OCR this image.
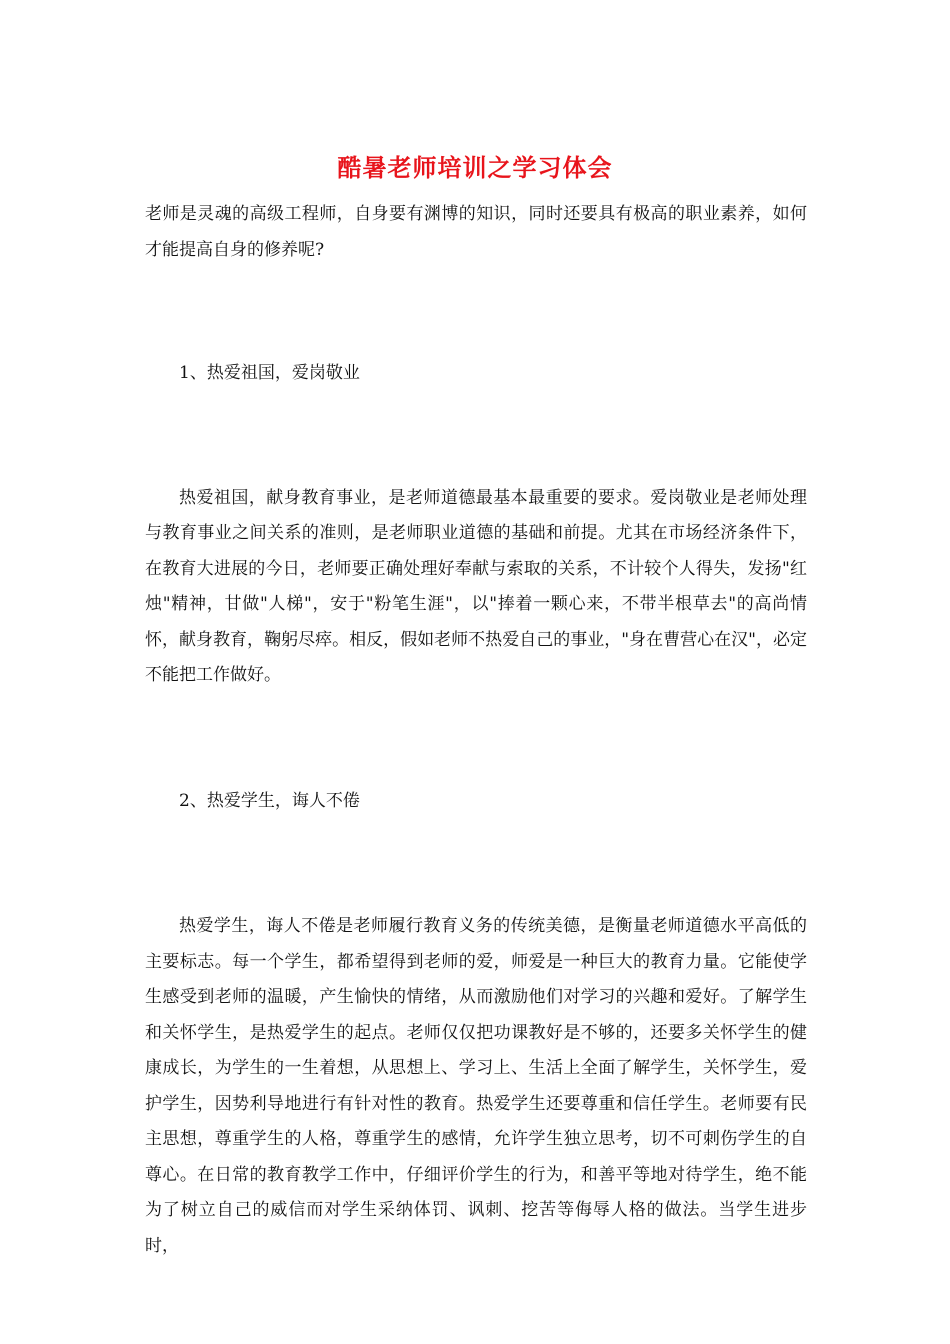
酷暑老师培训之学习体会

老师是灵魂的高级工程师，自身要有渊博的知识，同时还要具有极高的职业素养，如何才能提高自身的修养呢?

1、热爱祖国，爱岗敬业

热爱祖国，献身教育事业，是老师道德最基本最重要的要求。爱岗敬业是老师处理与教育事业之间关系的准则，是老师职业道德的基础和前提。尤其在市场经济条件下，在教育大进展的今日，老师要正确处理好奉献与索取的关系，不计较个人得失，发扬"红烛"精神，甘做"人梯"，安于"粉笔生涯"，以"捧着一颗心来，不带半根草去"的高尚情怀，献身教育，鞠躬尽瘁。相反，假如老师不热爱自己的事业，"身在曹营心在汉"，必定不能把工作做好。

2、热爱学生，诲人不倦

热爱学生，诲人不倦是老师履行教育义务的传统美德，是衡量老师道德水平高低的主要标志。每一个学生，都希望得到老师的爱，师爱是一种巨大的教育力量。它能使学生感受到老师的温暖，产生愉快的情绪，从而激励他们对学习的兴趣和爱好。了解学生和关怀学生，是热爱学生的起点。老师仅仅把功课教好是不够的，还要多关怀学生的健康成长，为学生的一生着想，从思想上、学习上、生活上全面了解学生，关怀学生，爱护学生，因势利导地进行有针对性的教育。热爱学生还要尊重和信任学生。老师要有民主思想，尊重学生的人格，尊重学生的感情，允许学生独立思考，切不可刺伤学生的自尊心。在日常的教育教学工作中，仔细评价学生的行为，和善平等地对待学生，绝不能为了树立自己的威信而对学生采纳体罚、讽刺、挖苦等侮辱人格的做法。当学生进步时，
